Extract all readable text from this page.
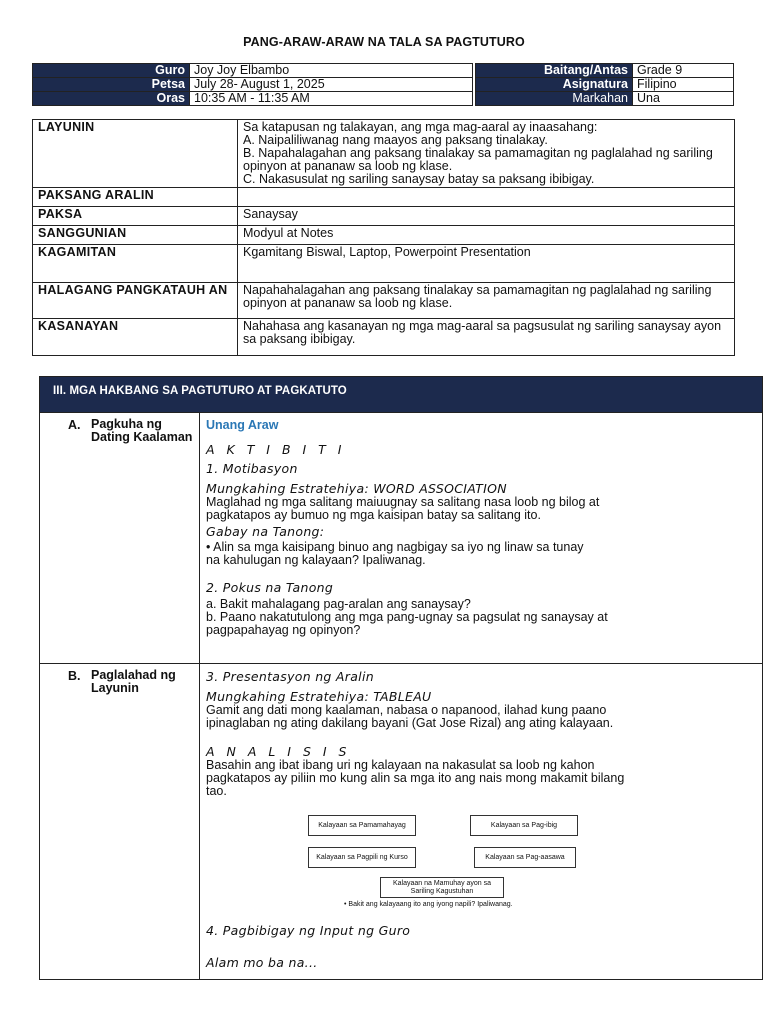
PANG-ARAW-ARAW NA TALA SA PAGTUTURO
Guro	Joy Joy Elbambo
Petsa	July 28- August 1, 2025
Oras	10:35 AM - 11:35 AM
Baitang/Antas	Grade 9
Asignatura	Filipino
Markahan	Una
LAYUNIN	Sa katapusan ng talakayan, ang mga mag-aaral ay inaasahang:
A. Naipaliliwanag nang maayos ang paksang tinalakay.
B. Napahalagahan ang paksang tinalakay sa pamamagitan ng paglalahad ng sariling opinyon at pananaw sa loob ng klase.
C. Nakasusulat ng sariling sanaysay batay sa paksang ibibigay.

PAKSANG ARALIN	
PAKSA	Sanaysay
SANGGUNIAN	Modyul at Notes
KAGAMITAN	Kgamitang Biswal, Laptop, Powerpoint Presentation
HALAGANG PANGKATAUH AN	Napahahalagahan ang paksang tinalakay sa pamamagitan ng paglalahad ng sariling opinyon at pananaw sa loob ng klase.
KASANAYAN	Nahahasa ang kasanayan ng mga mag-aaral sa pagsusulat ng sariling sanaysay ayon sa paksang ibibigay.
III. MGA HAKBANG SA PAGTUTURO AT PAGKATUTO
A. Pagkuha ng Dating Kaalaman
Unang Araw
A K T I B I T I
1. Motibasyon
Mungkahing Estratehiya: WORD ASSOCIATION
Maglahad ng mga salitang maiuugnay sa salitang nasa loob ng bilog at pagkatapos ay bumuo ng mga kaisipan batay sa salitang ito.
Gabay na Tanong:
• Alin sa mga kaisipang binuo ang nagbigay sa iyo ng linaw sa tunay na kahulugan ng kalayaan? Ipaliwanag.
2. Pokus na Tanong
a. Bakit mahalagang pag-aralan ang sanaysay?
b. Paano nakatutulong ang mga pang-ugnay sa pagsulat ng sanaysay at pagpapahayag ng opinyon?
B. Paglalahad ng Layunin
3. Presentasyon ng Aralin
Mungkahing Estratehiya: TABLEAU
Gamit ang dati mong kaalaman, nabasa o napanood, ilahad kung paano ipinaglaban ng ating dakilang bayani (Gat Jose Rizal) ang ating kalayaan.
A N A L I S I S
Basahin ang ibat ibang uri ng kalayaan na nakasulat sa loob ng kahon pagkatapos ay piliin mo kung alin sa mga ito ang nais mong makamit bilang tao.
Kalayaan sa Pamamahayag	Kalayaan sa Pag-ibig
Kalayaan sa Pagpili ng Kurso	Kalayaan sa Pag-aasawa
Kalayaan na Mamuhay ayon sa Sariling Kagustuhan
• Bakit ang kalayaang ito ang iyong napili? Ipaliwanag.
4. Pagbibigay ng Input ng Guro
Alam mo ba na...
